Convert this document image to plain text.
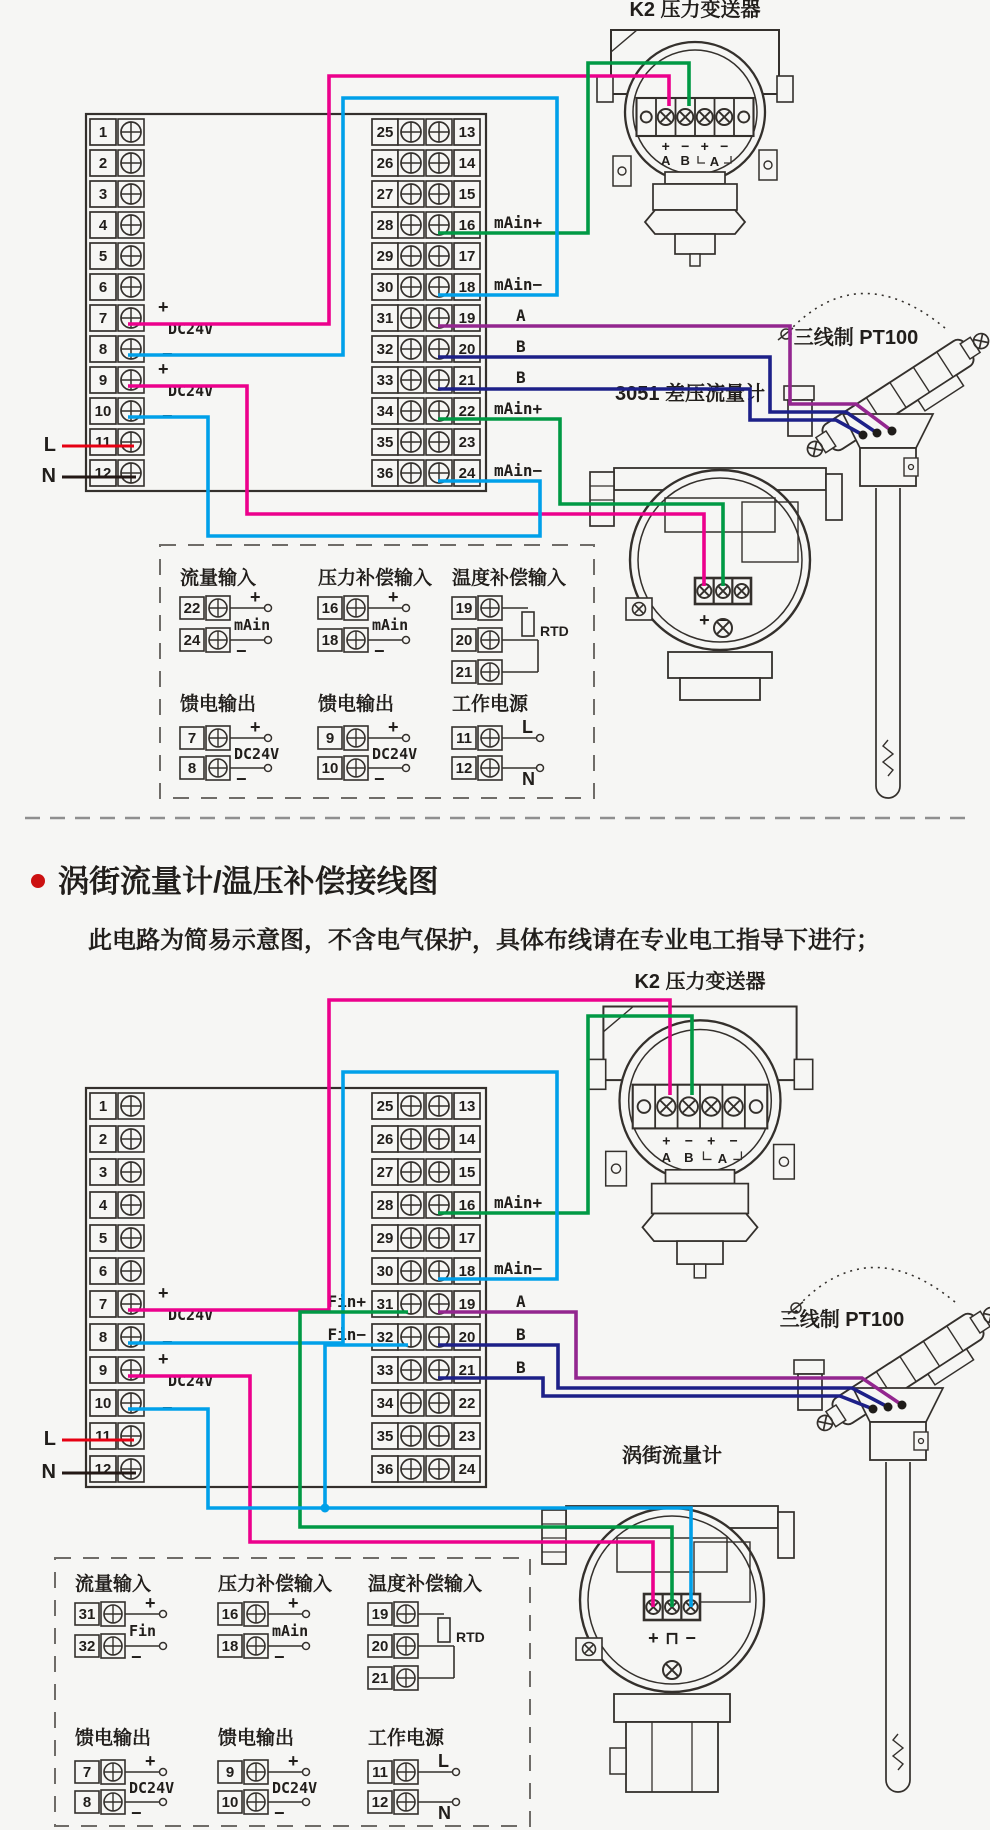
涡街流量计/温压补偿接线图
此电路为简易示意图，不含电气保护，具体布线请在专业电工指导下进行；
1
2
3
4
5
6
7
8
9
10
11
12
+
DC24V
−
+
DC24V
−
L
N
25	13
26	14
27	15
28	16
29	17
30	18
31	19
32	20
33	21
34	22
35	23
36	24
mAin+
mAin−
A
B
B
mAin+
mAin−
K2 压力变送器
+ − + −
A B A
3051 差压流量计
+ −
三线制 PT100
流量输入
22
24
+
−
mAin
压力补偿输入
16
18
+
−
mAin
温度补偿输入
19
20
21
RTD
馈电输出
7
8
+
−
DC24V
馈电输出
9
10
+
−
DC24V
工作电源
11
12
L
N
1
2
3
4
5
6
7
8
9
10
11
12
+
DC24V
−
+
DC24V
−
L
N
25	13
26	14
27	15
28	16
29	17
30	18
31	19
32	20
33	21
34	22
35	23
36	24
mAin+
mAin−
A
B
B
Fin+
Fin−
K2 压力变送器
+ − + −
A B A
涡街流量计
+ ⊓ −
三线制 PT100
流量输入
31
32
+
−
Fin
压力补偿输入
16
18
+
−
mAin
温度补偿输入
19
20
21
RTD
馈电输出
7
8
+
−
DC24V
馈电输出
9
10
+
−
DC24V
工作电源
11
12
L
N
